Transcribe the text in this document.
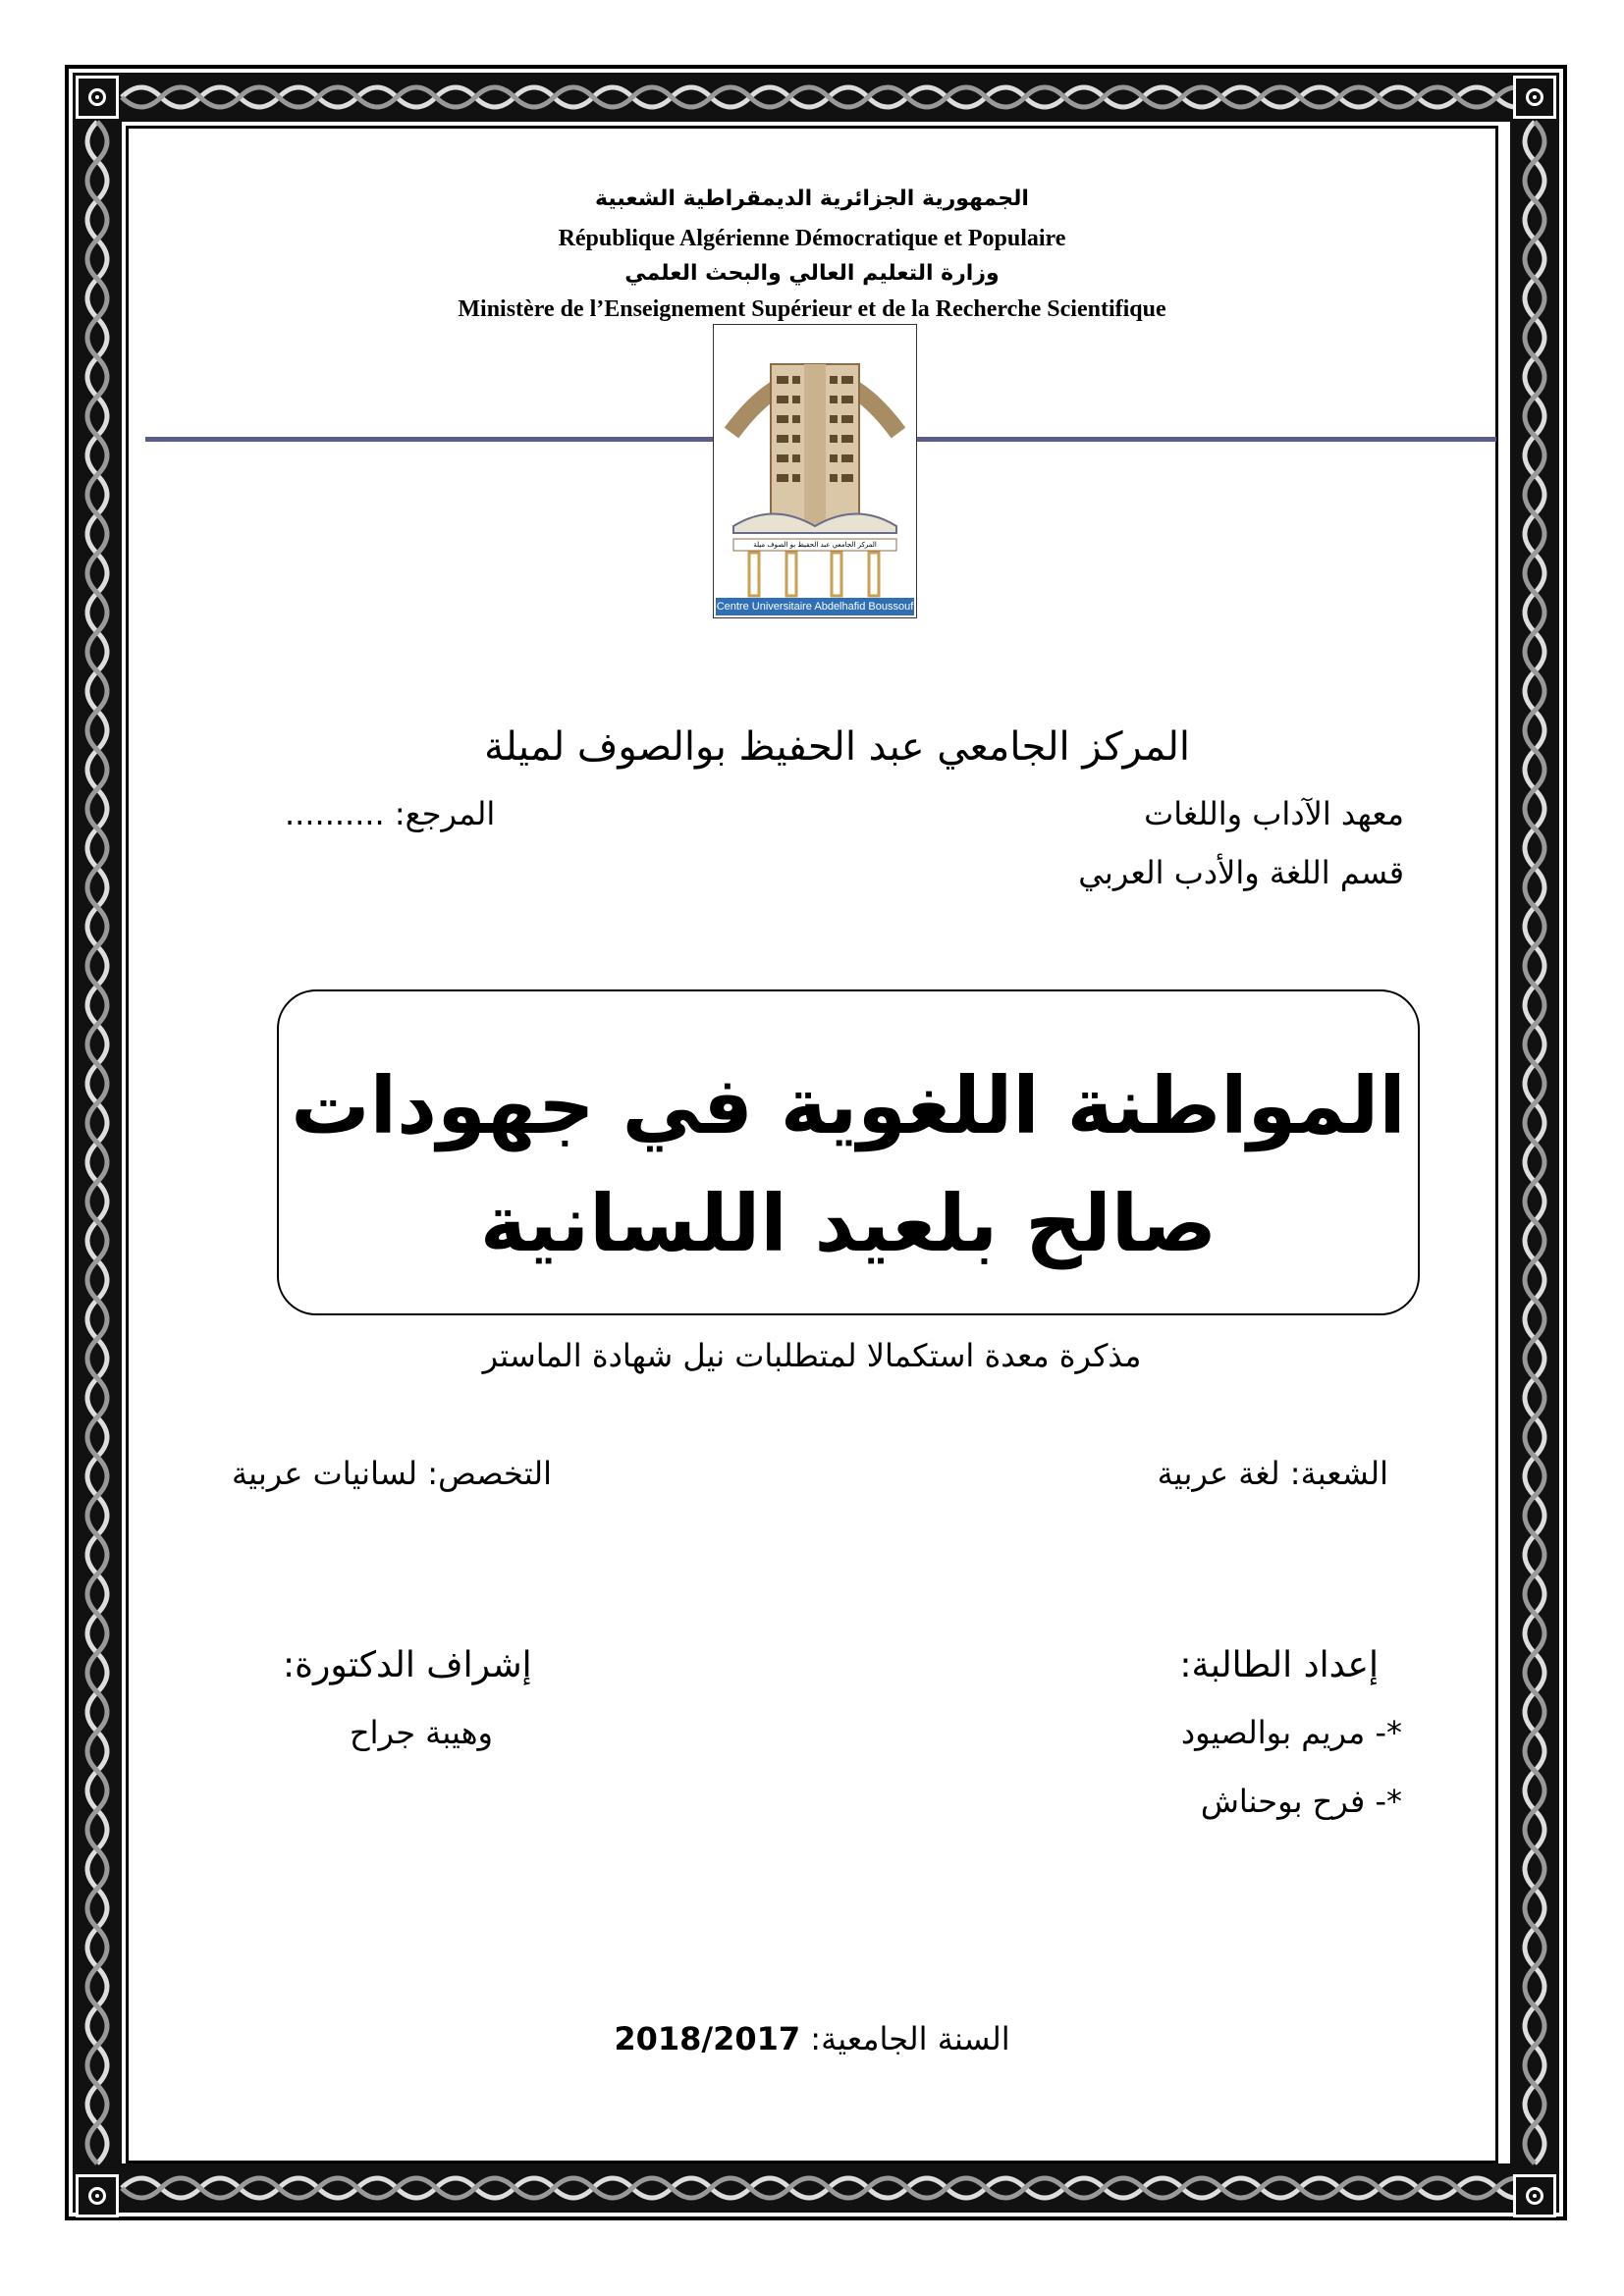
الجمهورية الجزائرية الديمقراطية الشعبية
République Algérienne Démocratique et Populaire
وزارة التعليم العالي والبحث العلمي
Ministère de l’Enseignement Supérieur et de la Recherche Scientifique
المركز الجامعي عبد الحفيظ بو الصوف ميلة
Centre Universitaire Abdelhafid Boussouf Mila
المركز الجامعي عبد الحفيظ بوالصوف لميلة
معهد الآداب واللغات
المرجع: ..........
قسم اللغة والأدب العربي
المواطنة اللغوية في جهودات
صالح بلعيد اللسانية
مذكرة معدة استكمالا لمتطلبات نيل شهادة الماستر
الشعبة: لغة عربية
التخصص: لسانيات عربية
إعداد الطالبة:
*- مريم بوالصيود
*- فرح بوحناش
إشراف الدكتورة:
وهيبة جراح
السنة الجامعية: 2018/2017
